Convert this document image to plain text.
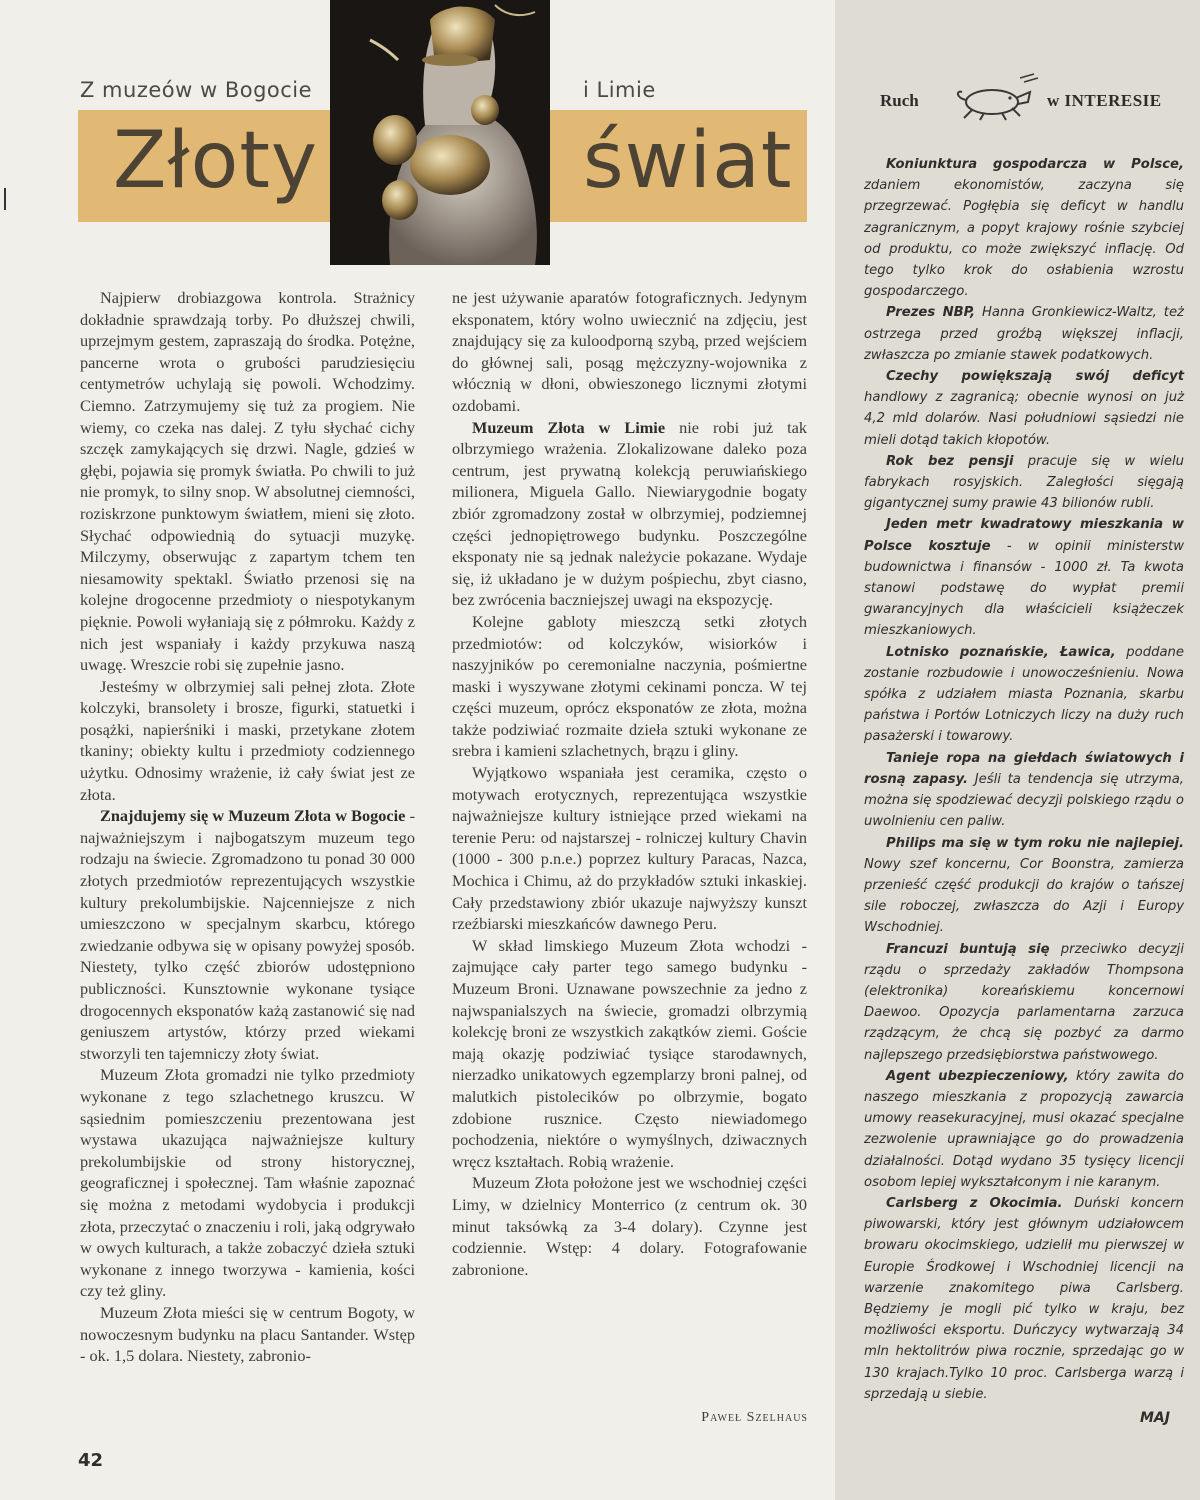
Z muzeów w Bogocie	i Limie
Złoty	świat

Najpierw drobiazgowa kontrola. Strażnicy dokładnie sprawdzają torby. Po dłuższej chwili, uprzejmym gestem, zapraszają do środka. Potężne, pancerne wrota o grubości parudziesięciu centymetrów uchylają się powoli. Wchodzimy. Ciemno. Zatrzymujemy się tuż za progiem. Nie wiemy, co czeka nas dalej. Z tyłu słychać cichy szczęk zamykających się drzwi. Nagle, gdzieś w głębi, pojawia się promyk światła. Po chwili to już nie promyk, to silny snop. W absolutnej ciemności, roziskrzone punktowym światłem, mieni się złoto. Słychać odpowiednią do sytuacji muzykę. Milczymy, obserwując z zapartym tchem ten niesamowity spektakl. Światło przenosi się na kolejne drogocenne przedmioty o niespotykanym pięknie. Powoli wyłaniają się z półmroku. Każdy z nich jest wspaniały i każdy przykuwa naszą uwagę. Wreszcie robi się zupełnie jasno.

Jesteśmy w olbrzymiej sali pełnej złota. Złote kolczyki, bransolety i brosze, figurki, statuetki i posążki, napierśniki i maski, przetykane złotem tkaniny; obiekty kultu i przedmioty codziennego użytku. Odnosimy wrażenie, iż cały świat jest ze złota.

Znajdujemy się w Muzeum Złota w Bogocie - najważniejszym i najbogatszym muzeum tego rodzaju na świecie. Zgromadzono tu ponad 30 000 złotych przedmiotów reprezentujących wszystkie kultury prekolumbijskie. Najcenniejsze z nich umieszczono w specjalnym skarbcu, którego zwiedzanie odbywa się w opisany powyżej sposób. Niestety, tylko część zbiorów udostępniono publiczności. Kunsztownie wykonane tysiące drogocennych eksponatów każą zastanowić się nad geniuszem artystów, którzy przed wiekami stworzyli ten tajemniczy złoty świat.

Muzeum Złota gromadzi nie tylko przedmioty wykonane z tego szlachetnego kruszcu. W sąsiednim pomieszczeniu prezentowana jest wystawa ukazująca najważniejsze kultury prekolumbijskie od strony historycznej, geograficznej i społecznej. Tam właśnie zapoznać się można z metodami wydobycia i produkcji złota, przeczytać o znaczeniu i roli, jaką odgrywało w owych kulturach, a także zobaczyć dzieła sztuki wykonane z innego tworzywa - kamienia, kości czy też gliny.

Muzeum Złota mieści się w centrum Bogoty, w nowoczesnym budynku na placu Santander. Wstęp - ok. 1,5 dolara. Niestety, zabronio-

ne jest używanie aparatów fotograficznych. Jedynym eksponatem, który wolno uwiecznić na zdjęciu, jest znajdujący się za kuloodporną szybą, przed wejściem do głównej sali, posąg mężczyzny-wojownika z włócznią w dłoni, obwieszonego licznymi złotymi ozdobami.

Muzeum Złota w Limie nie robi już tak olbrzymiego wrażenia. Zlokalizowane daleko poza centrum, jest prywatną kolekcją peruwiańskiego milionera, Miguela Gallo. Niewiarygodnie bogaty zbiór zgromadzony został w olbrzymiej, podziemnej części jednopiętrowego budynku. Poszczególne eksponaty nie są jednak należycie pokazane. Wydaje się, iż układano je w dużym pośpiechu, zbyt ciasno, bez zwrócenia baczniejszej uwagi na ekspozycję.

Kolejne gabloty mieszczą setki złotych przedmiotów: od kolczyków, wisiorków i naszyjników po ceremonialne naczynia, pośmiertne maski i wyszywane złotymi cekinami poncza. W tej części muzeum, oprócz eksponatów ze złota, można także podziwiać rozmaite dzieła sztuki wykonane ze srebra i kamieni szlachetnych, brązu i gliny.

Wyjątkowo wspaniała jest ceramika, często o motywach erotycznych, reprezentująca wszystkie najważniejsze kultury istniejące przed wiekami na terenie Peru: od najstarszej - rolniczej kultury Chavin (1000 - 300 p.n.e.) poprzez kultury Paracas, Nazca, Mochica i Chimu, aż do przykładów sztuki inkaskiej. Cały przedstawiony zbiór ukazuje najwyższy kunszt rzeźbiarski mieszkańców dawnego Peru.

W skład limskiego Muzeum Złota wchodzi - zajmujące cały parter tego samego budynku - Muzeum Broni. Uznawane powszechnie za jedno z najwspanialszych na świecie, gromadzi olbrzymią kolekcję broni ze wszystkich zakątków ziemi. Goście mają okazję podziwiać tysiące starodawnych, nierzadko unikatowych egzemplarzy broni palnej, od malutkich pistolecików po olbrzymie, bogato zdobione rusznice. Często niewiadomego pochodzenia, niektóre o wymyślnych, dziwacznych wręcz kształtach. Robią wrażenie.

Muzeum Złota położone jest we wschodniej części Limy, w dzielnicy Monterrico (z centrum ok. 30 minut taksówką za 3-4 dolary). Czynne jest codziennie. Wstęp: 4 dolary. Fotografowanie zabronione.

Paweł Szelhaus
42
Ruch	w INTERESIE

Koniunktura gospodarcza w Polsce, zdaniem ekonomistów, zaczyna się przegrzewać. Pogłębia się deficyt w handlu zagranicznym, a popyt krajowy rośnie szybciej od produktu, co może zwiększyć inflację. Od tego tylko krok do osłabienia wzrostu gospodarczego.

Prezes NBP, Hanna Gronkiewicz-Waltz, też ostrzega przed groźbą większej inflacji, zwłaszcza po zmianie stawek podatkowych.

Czechy powiększają swój deficyt handlowy z zagranicą; obecnie wynosi on już 4,2 mld dolarów. Nasi południowi sąsiedzi nie mieli dotąd takich kłopotów.

Rok bez pensji pracuje się w wielu fabrykach rosyjskich. Zaległości sięgają gigantycznej sumy prawie 43 bilionów rubli.

Jeden metr kwadratowy mieszkania w Polsce kosztuje - w opinii ministerstw budownictwa i finansów - 1000 zł. Ta kwota stanowi podstawę do wypłat premii gwarancyjnych dla właścicieli książeczek mieszkaniowych.

Lotnisko poznańskie, Ławica, poddane zostanie rozbudowie i unowocześnieniu. Nowa spółka z udziałem miasta Poznania, skarbu państwa i Portów Lotniczych liczy na duży ruch pasażerski i towarowy.

Tanieje ropa na giełdach światowych i rosną zapasy. Jeśli ta tendencja się utrzyma, można się spodziewać decyzji polskiego rządu o uwolnieniu cen paliw.

Philips ma się w tym roku nie najlepiej. Nowy szef koncernu, Cor Boonstra, zamierza przenieść część produkcji do krajów o tańszej sile roboczej, zwłaszcza do Azji i Europy Wschodniej.

Francuzi buntują się przeciwko decyzji rządu o sprzedaży zakładów Thompsona (elektronika) koreańskiemu koncernowi Daewoo. Opozycja parlamentarna zarzuca rządzącym, że chcą się pozbyć za darmo najlepszego przedsiębiorstwa państwowego.

Agent ubezpieczeniowy, który zawita do naszego mieszkania z propozycją zawarcia umowy reasekuracyjnej, musi okazać specjalne zezwolenie uprawniające go do prowadzenia działalności. Dotąd wydano 35 tysięcy licencji osobom lepiej wykształconym i nie karanym.

Carlsberg z Okocimia. Duński koncern piwowarski, który jest głównym udziałowcem browaru okocimskiego, udzielił mu pierwszej w Europie Środkowej i Wschodniej licencji na warzenie znakomitego piwa Carlsberg. Będziemy je mogli pić tylko w kraju, bez możliwości eksportu. Duńczycy wytwarzają 34 mln hektolitrów piwa rocznie, sprzedając go w 130 krajach.Tylko 10 proc. Carlsberga warzą i sprzedają u siebie.

MAJ
